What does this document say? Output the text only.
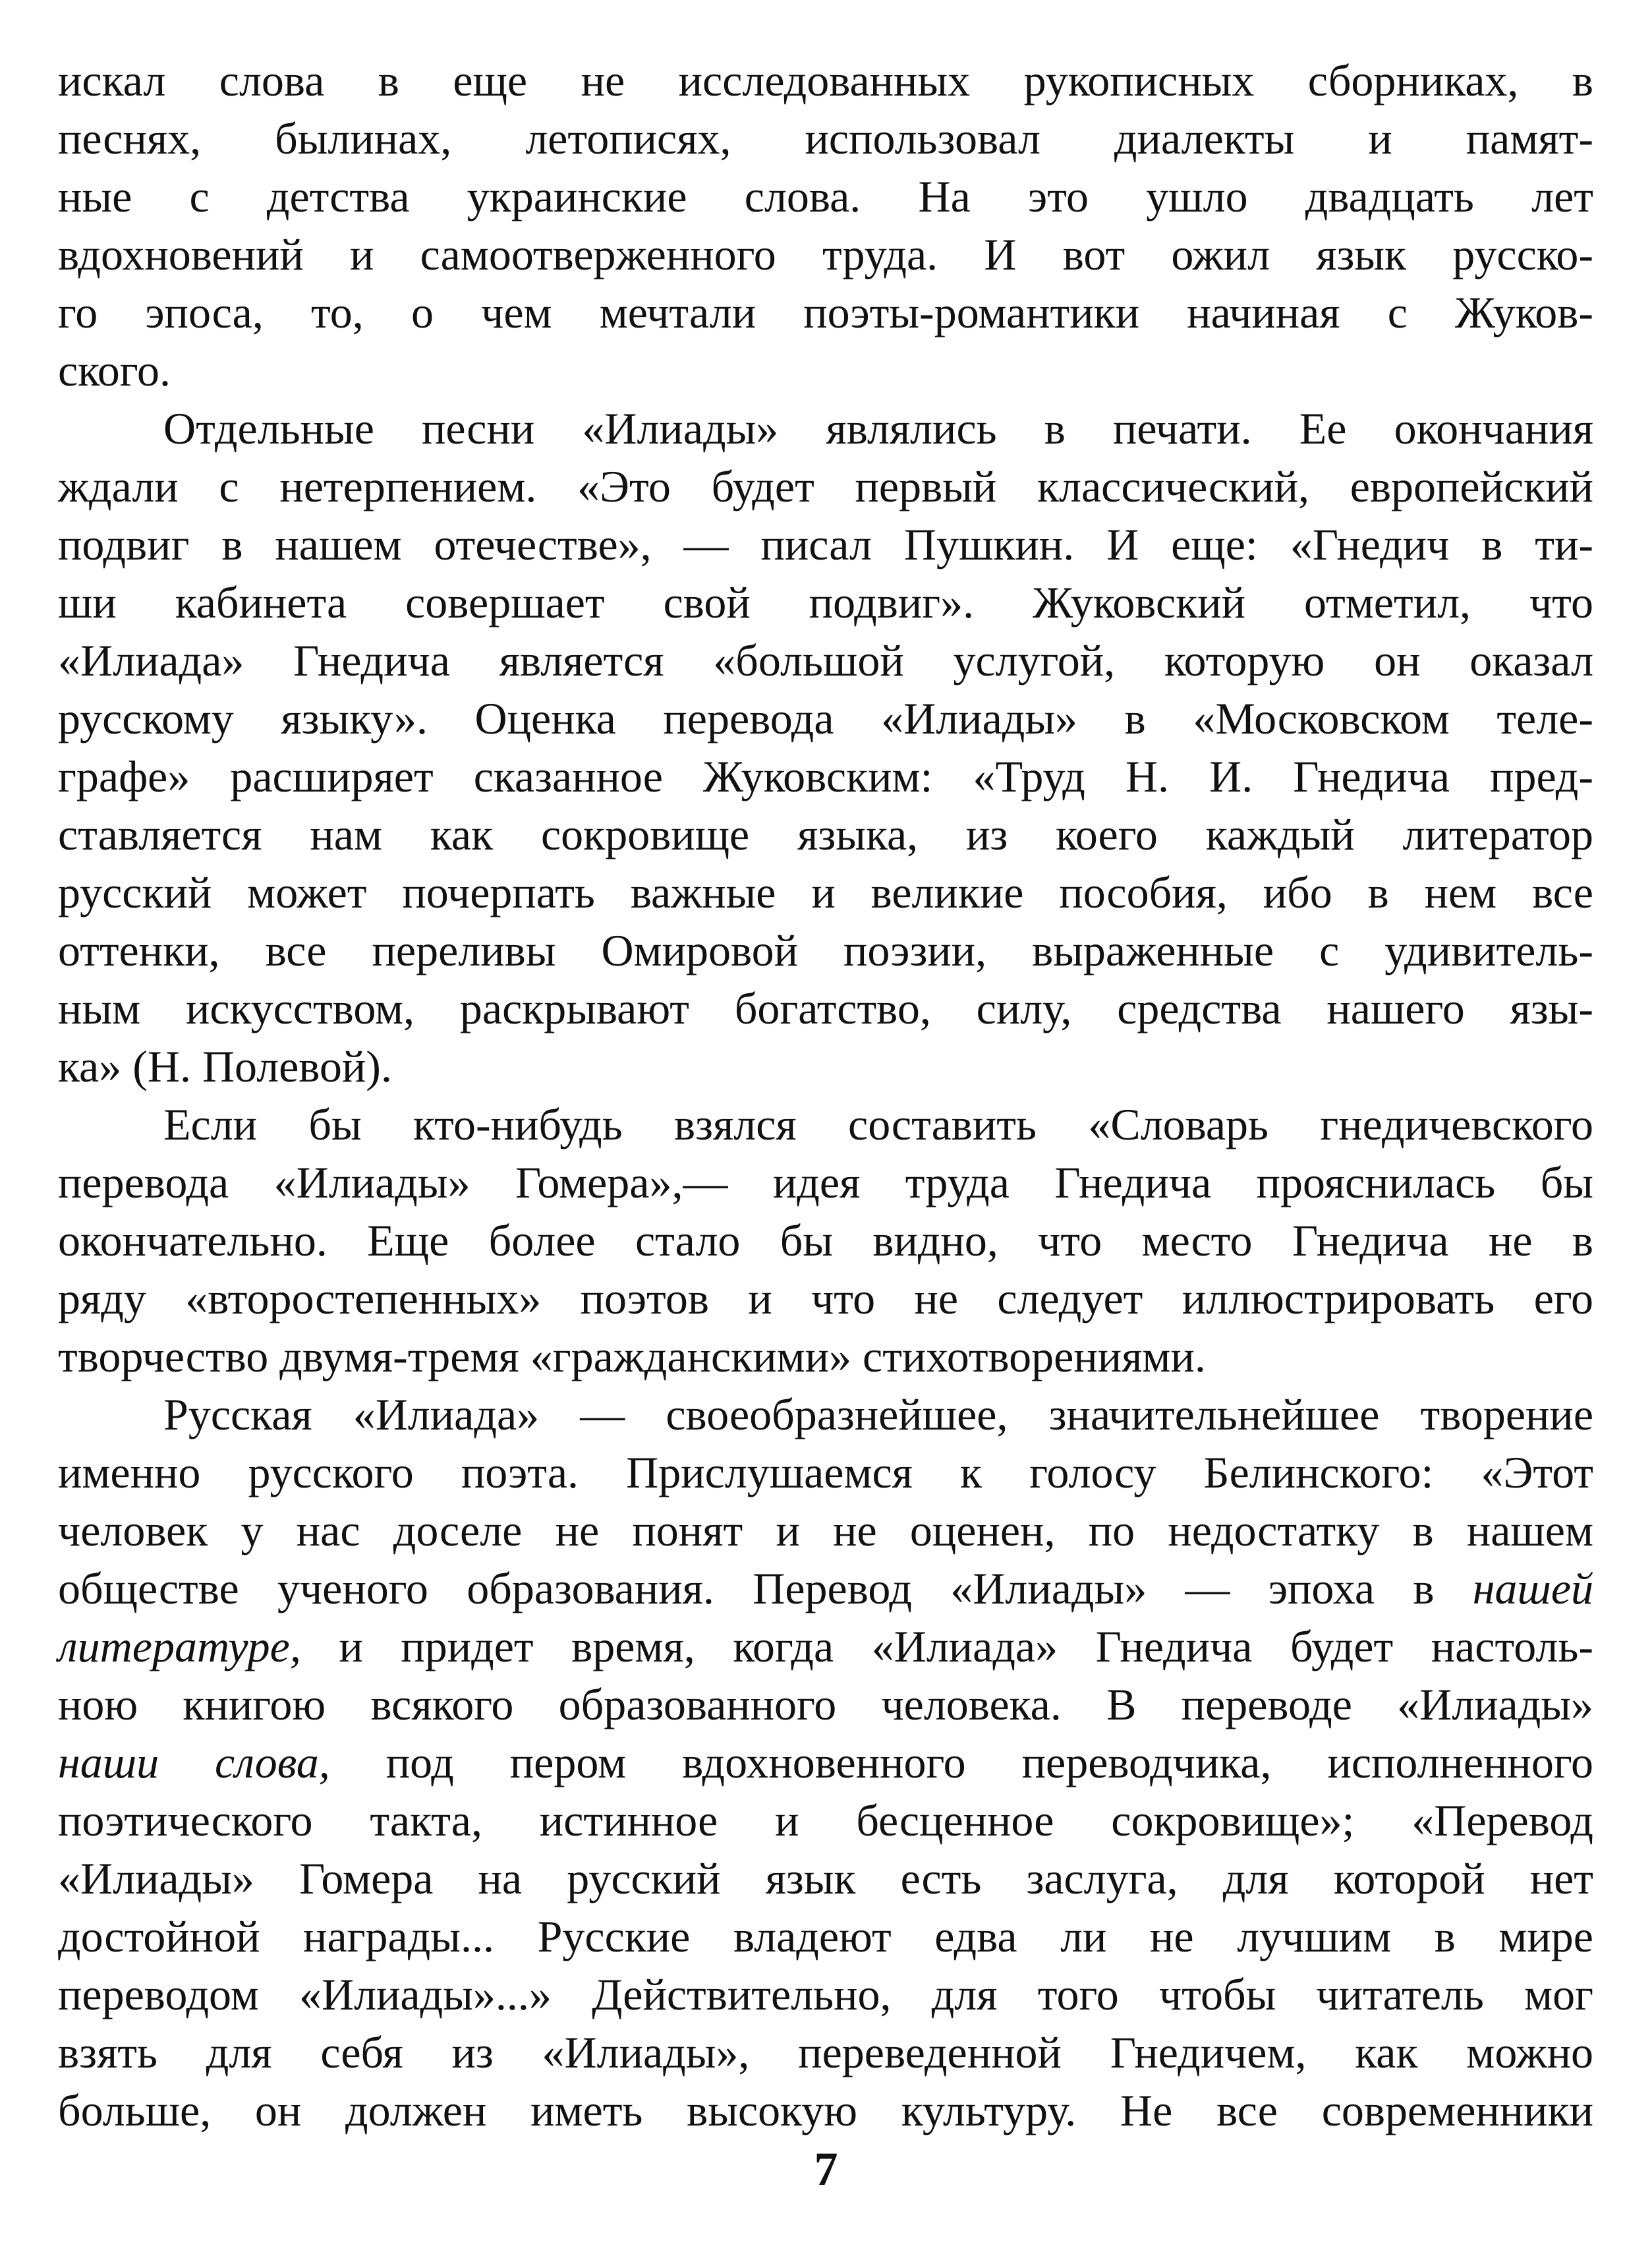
искал слова в еще не исследованных рукописных сборниках, в
песнях, былинах, летописях, использовал диалекты и памят-
ные с детства украинские слова. На это ушло двадцать лет
вдохновений и самоотверженного труда. И вот ожил язык русско-
го эпоса, то, о чем мечтали поэты-романтики начиная с Жуков-
ского.
Отдельные песни «Илиады» являлись в печати. Ее окончания
ждали с нетерпением. «Это будет первый классический, европейский
подвиг в нашем отечестве», — писал Пушкин. И еще: «Гнедич в ти-
ши кабинета совершает свой подвиг». Жуковский отметил, что
«Илиада» Гнедича является «большой услугой, которую он оказал
русскому языку». Оценка перевода «Илиады» в «Московском теле-
графе» расширяет сказанное Жуковским: «Труд Н. И. Гнедича пред-
ставляется нам как сокровище языка, из коего каждый литератор
русский может почерпать важные и великие пособия, ибо в нем все
оттенки, все переливы Омировой поэзии, выраженные с удивитель-
ным искусством, раскрывают богатство, силу, средства нашего язы-
ка» (Н. Полевой).
Если бы кто-нибудь взялся составить «Словарь гнедичевского
перевода «Илиады» Гомера»,— идея труда Гнедича прояснилась бы
окончательно. Еще более стало бы видно, что место Гнедича не в
ряду «второстепенных» поэтов и что не следует иллюстрировать его
творчество двумя-тремя «гражданскими» стихотворениями.
Русская «Илиада» — своеобразнейшее, значительнейшее творение
именно русского поэта. Прислушаемся к голосу Белинского: «Этот
человек у нас доселе не понят и не оценен, по недостатку в нашем
обществе ученого образования. Перевод «Илиады» — эпоха в нашей
литературе, и придет время, когда «Илиада» Гнедича будет настоль-
ною книгою всякого образованного человека. В переводе «Илиады»
наши слова, под пером вдохновенного переводчика, исполненного
поэтического такта, истинное и бесценное сокровище»; «Перевод
«Илиады» Гомера на русский язык есть заслуга, для которой нет
достойной награды... Русские владеют едва ли не лучшим в мире
переводом «Илиады»...» Действительно, для того чтобы читатель мог
взять для себя из «Илиады», переведенной Гнедичем, как можно
больше, он должен иметь высокую культуру. Не все современники
7
